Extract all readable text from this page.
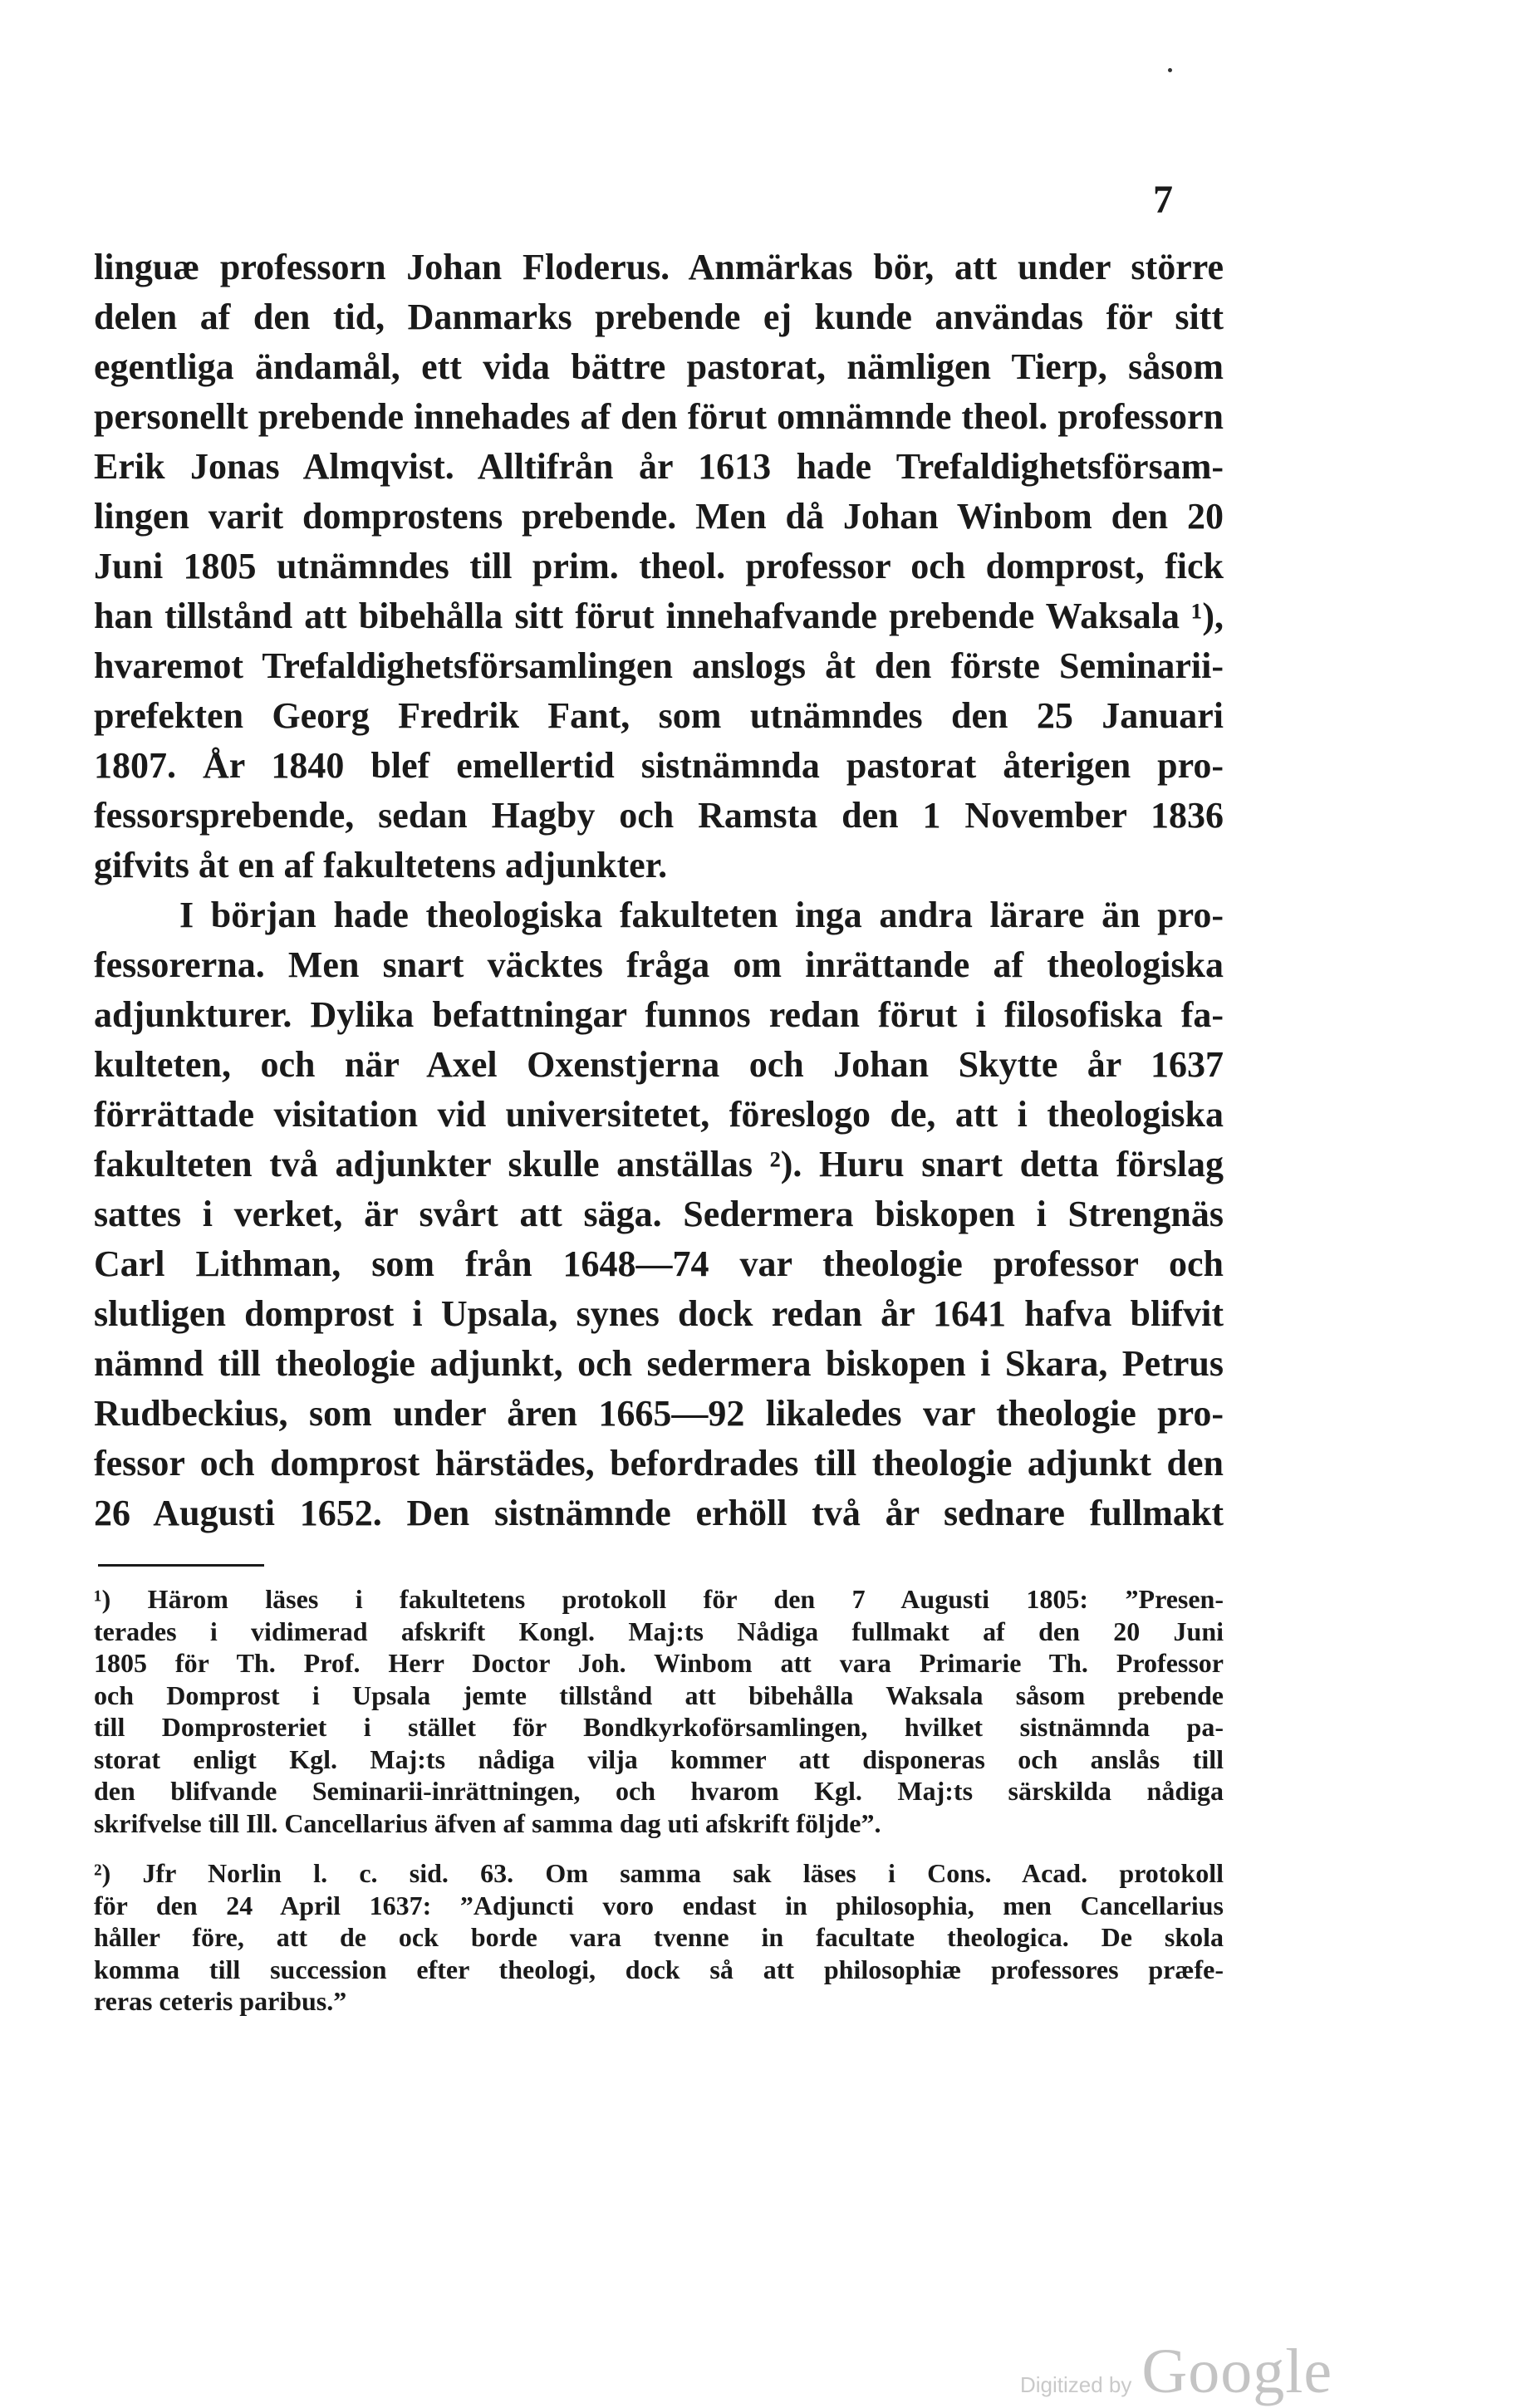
7
linguæ professorn Johan Floderus. Anmärkas bör, att under större
delen af den tid, Danmarks prebende ej kunde användas för sitt
egentliga ändamål, ett vida bättre pastorat, nämligen Tierp, såsom
personellt prebende innehades af den förut omnämnde theol. professorn
Erik Jonas Almqvist. Alltifrån år 1613 hade Trefaldighetsförsam-
lingen varit domprostens prebende. Men då Johan Winbom den 20
Juni 1805 utnämndes till prim. theol. professor och domprost, fick
han tillstånd att bibehålla sitt förut innehafvande prebende Waksala ¹),
hvaremot Trefaldighetsförsamlingen anslogs åt den förste Seminarii-
prefekten Georg Fredrik Fant, som utnämndes den 25 Januari
1807. År 1840 blef emellertid sistnämnda pastorat återigen pro-
fessorsprebende, sedan Hagby och Ramsta den 1 November 1836
gifvits åt en af fakultetens adjunkter.
I början hade theologiska fakulteten inga andra lärare än pro-
fessorerna. Men snart väcktes fråga om inrättande af theologiska
adjunkturer. Dylika befattningar funnos redan förut i filosofiska fa-
kulteten, och när Axel Oxenstjerna och Johan Skytte år 1637
förrättade visitation vid universitetet, föreslogo de, att i theologiska
fakulteten två adjunkter skulle anställas ²). Huru snart detta förslag
sattes i verket, är svårt att säga. Sedermera biskopen i Strengnäs
Carl Lithman, som från 1648—74 var theologie professor och
slutligen domprost i Upsala, synes dock redan år 1641 hafva blifvit
nämnd till theologie adjunkt, och sedermera biskopen i Skara, Petrus
Rudbeckius, som under åren 1665—92 likaledes var theologie pro-
fessor och domprost härstädes, befordrades till theologie adjunkt den
26 Augusti 1652. Den sistnämnde erhöll två år sednare fullmakt
¹) Härom läses i fakultetens protokoll för den 7 Augusti 1805: ”Presen-
terades i vidimerad afskrift Kongl. Maj:ts Nådiga fullmakt af den 20 Juni
1805 för Th. Prof. Herr Doctor Joh. Winbom att vara Primarie Th. Professor
och Domprost i Upsala jemte tillstånd att bibehålla Waksala såsom prebende
till Domprosteriet i stället för Bondkyrkoförsamlingen, hvilket sistnämnda pa-
storat enligt Kgl. Maj:ts nådiga vilja kommer att disponeras och anslås till
den blifvande Seminarii-inrättningen, och hvarom Kgl. Maj:ts särskilda nådiga
skrifvelse till Ill. Cancellarius äfven af samma dag uti afskrift följde”.
²) Jfr Norlin l. c. sid. 63. Om samma sak läses i Cons. Acad. protokoll
för den 24 April 1637: ”Adjuncti voro endast in philosophia, men Cancellarius
håller före, att de ock borde vara tvenne in facultate theologica. De skola
komma till succession efter theologi, dock så att philosophiæ professores præfe-
reras ceteris paribus.”
Digitized by Google
